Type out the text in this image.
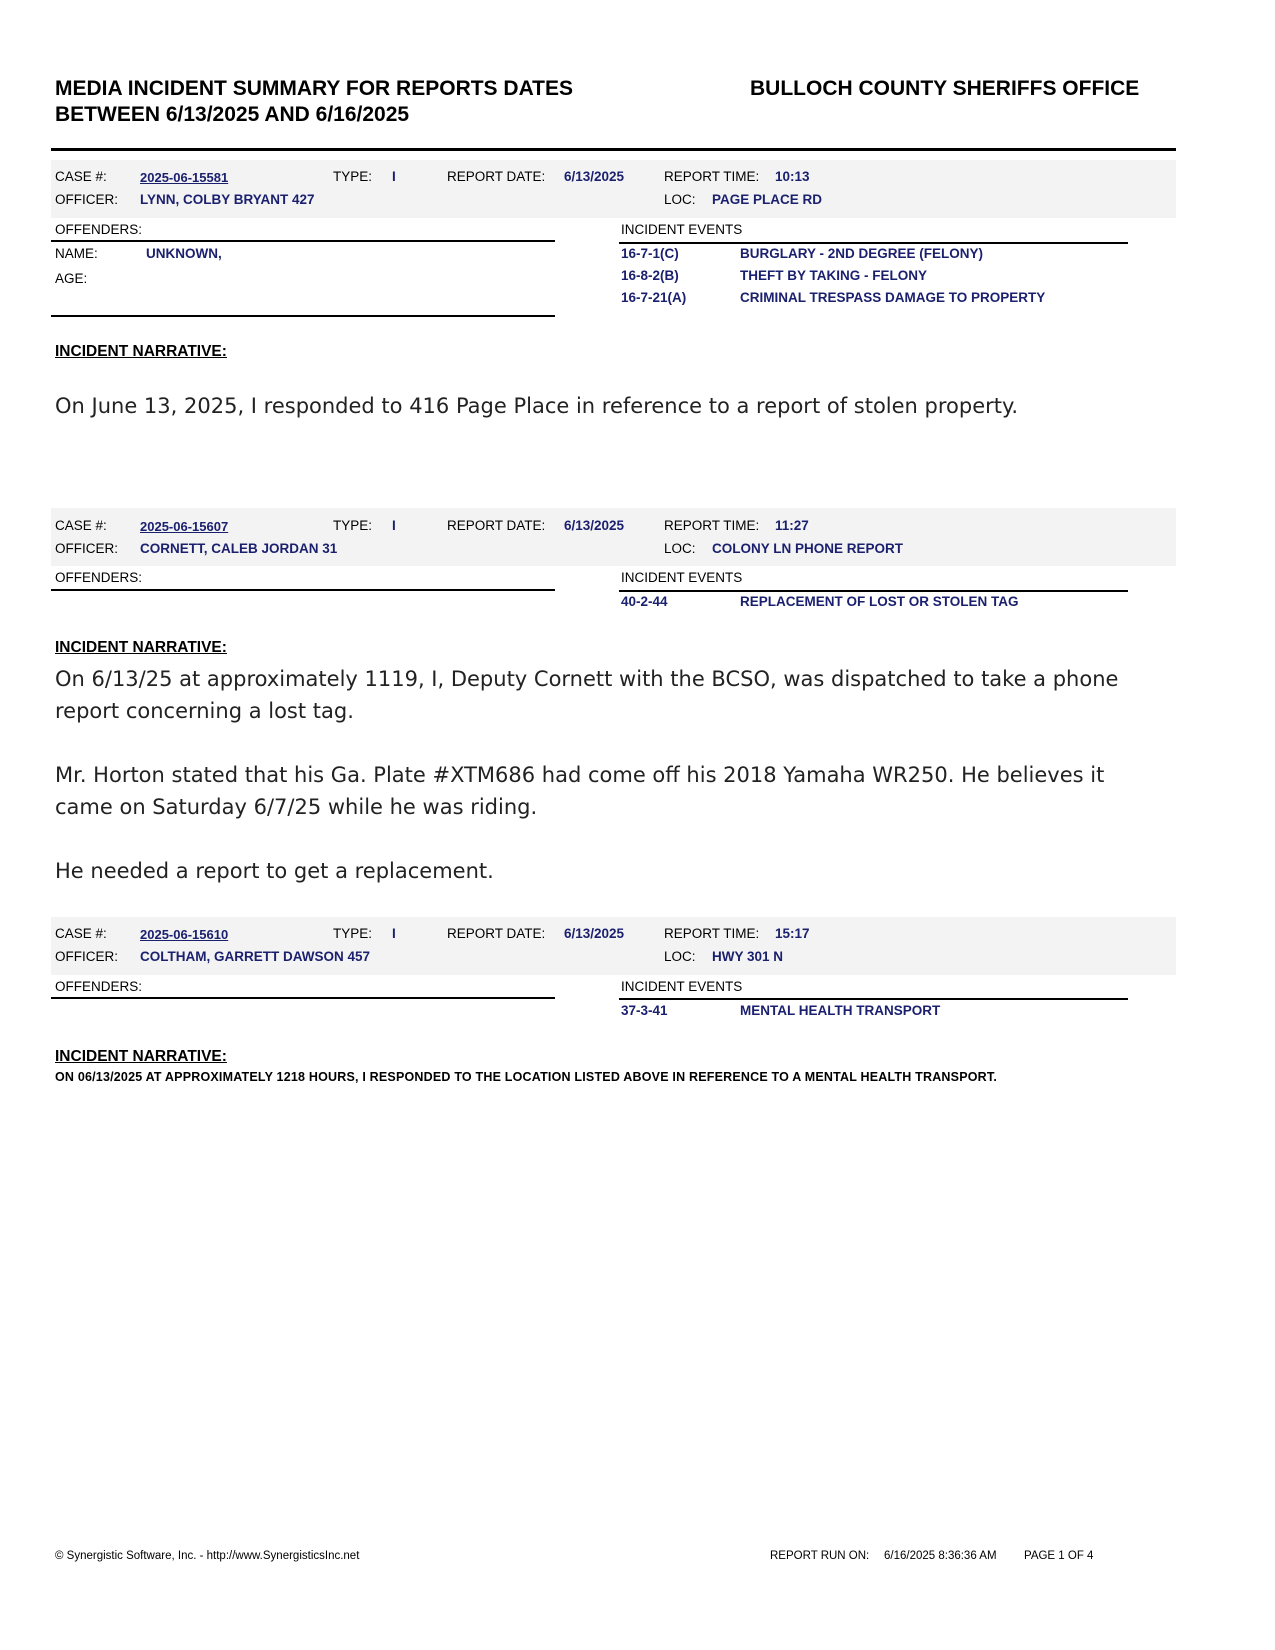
MEDIA INCIDENT SUMMARY FOR REPORTS DATES
BETWEEN 6/13/2025 AND 6/16/2025
BULLOCH COUNTY SHERIFFS OFFICE
CASE #:	2025-06-15581	TYPE: I	REPORT DATE: 6/13/2025	REPORT TIME: 10:13
OFFICER: LYNN, COLBY BRYANT 427	LOC: PAGE PLACE RD
OFFENDERS:
NAME:	UNKNOWN,
AGE:
INCIDENT EVENTS
16-7-1(C)	BURGLARY - 2ND DEGREE (FELONY)
16-8-2(B)	THEFT BY TAKING - FELONY
16-7-21(A)	CRIMINAL TRESPASS DAMAGE TO PROPERTY
INCIDENT NARRATIVE:
On June 13, 2025, I responded to 416 Page Place in reference to a report of stolen property.
CASE #:	2025-06-15607	TYPE: I	REPORT DATE: 6/13/2025	REPORT TIME: 11:27
OFFICER: CORNETT, CALEB JORDAN 31	LOC: COLONY LN PHONE REPORT
OFFENDERS:	INCIDENT EVENTS
40-2-44	REPLACEMENT OF LOST OR STOLEN TAG
INCIDENT NARRATIVE:
On 6/13/25 at approximately 1119, I, Deputy Cornett with the BCSO, was dispatched to take a phone report concerning a lost tag.
Mr. Horton stated that his Ga. Plate #XTM686 had come off his 2018 Yamaha WR250. He believes it came on Saturday 6/7/25 while he was riding.
He needed a report to get a replacement.
CASE #:	2025-06-15610	TYPE: I	REPORT DATE: 6/13/2025	REPORT TIME: 15:17
OFFICER: COLTHAM, GARRETT DAWSON 457	LOC: HWY 301 N
OFFENDERS:	INCIDENT EVENTS
37-3-41	MENTAL HEALTH TRANSPORT
INCIDENT NARRATIVE:
ON 06/13/2025 AT APPROXIMATELY 1218 HOURS, I RESPONDED TO THE LOCATION LISTED ABOVE IN REFERENCE TO A MENTAL HEALTH TRANSPORT.
© Synergistic Software, Inc. - http://www.SynergisticsInc.net	REPORT RUN ON: 6/16/2025 8:36:36 AM PAGE 1 OF 4
